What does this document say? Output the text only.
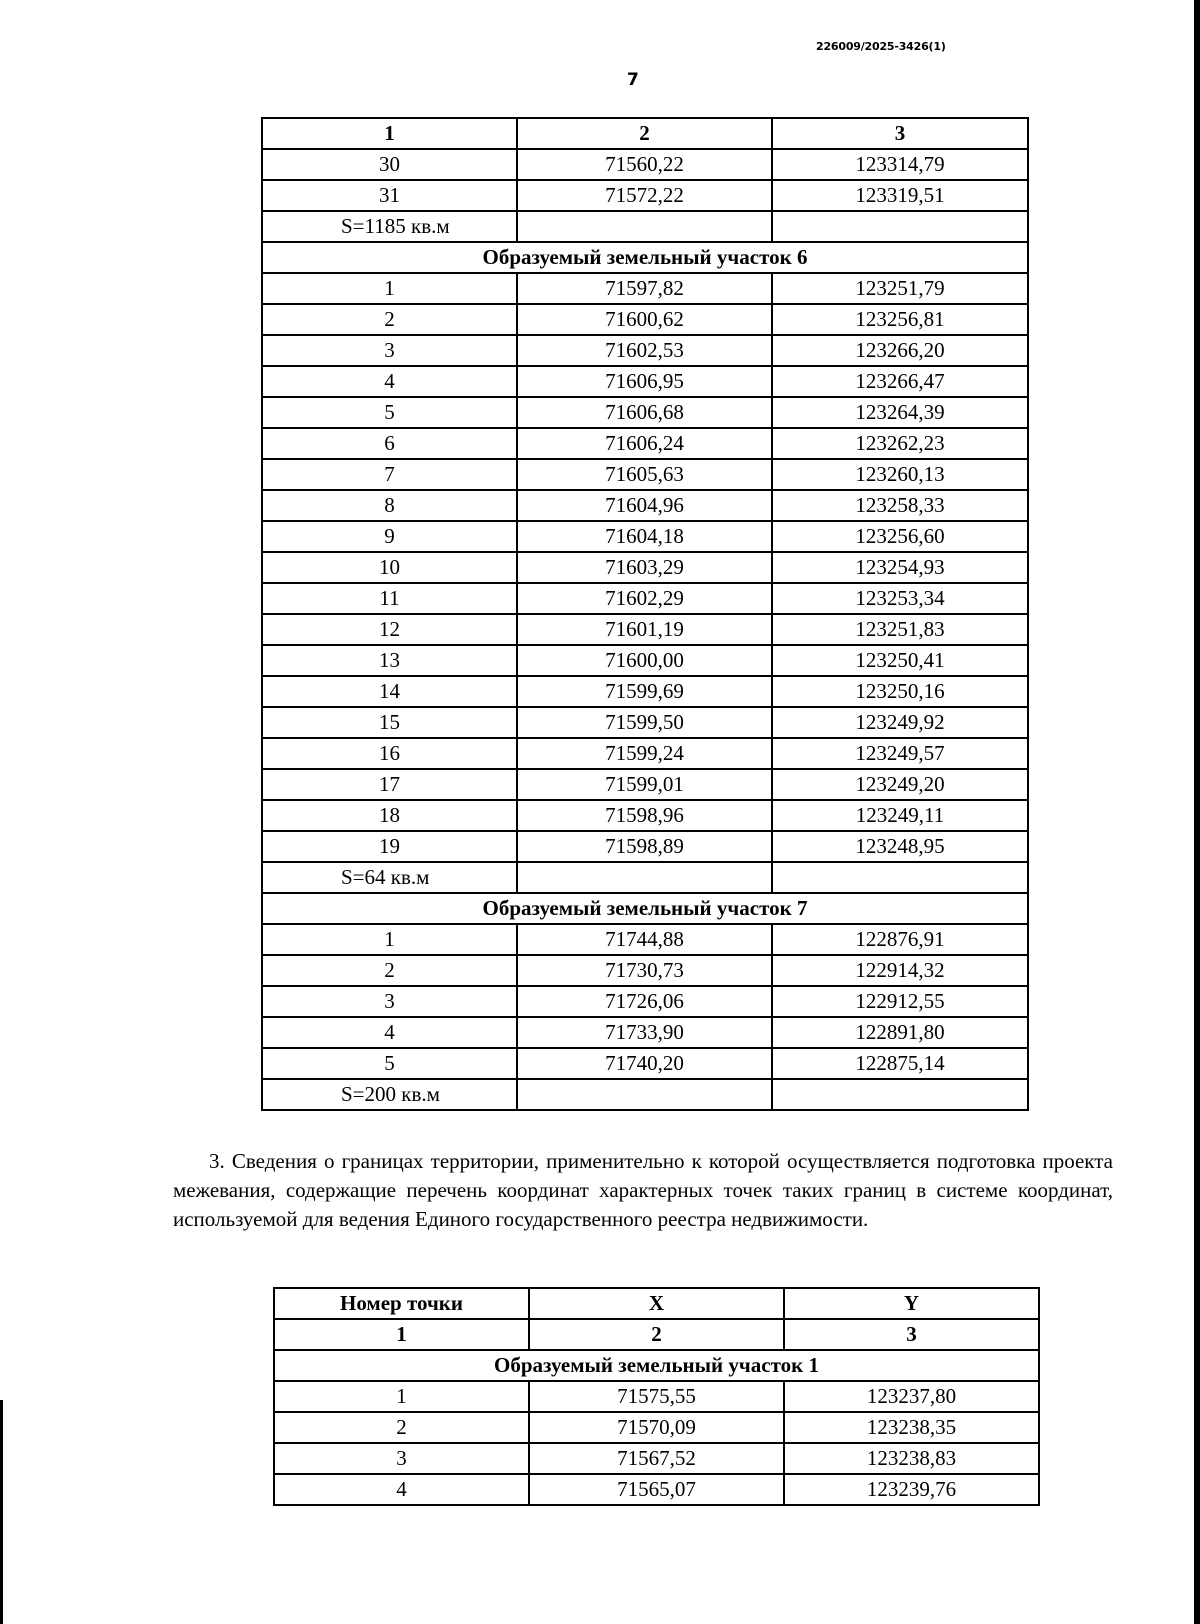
226009/2025-3426(1)
7
1	2	3
30	71560,22	123314,79
31	71572,22	123319,51
S=1185 кв.м		
Образуемый земельный участок 6		
1	71597,82	123251,79
2	71600,62	123256,81
3	71602,53	123266,20
4	71606,95	123266,47
5	71606,68	123264,39
6	71606,24	123262,23
7	71605,63	123260,13
8	71604,96	123258,33
9	71604,18	123256,60
10	71603,29	123254,93
11	71602,29	123253,34
12	71601,19	123251,83
13	71600,00	123250,41
14	71599,69	123250,16
15	71599,50	123249,92
16	71599,24	123249,57
17	71599,01	123249,20
18	71598,96	123249,11
19	71598,89	123248,95
S=64 кв.м		
Образуемый земельный участок 7		
1	71744,88	122876,91
2	71730,73	122914,32
3	71726,06	122912,55
4	71733,90	122891,80
5	71740,20	122875,14
S=200 кв.м		
3. Сведения о границах территории, применительно к которой осуществляется подготовка проекта межевания, содержащие перечень координат характерных точек таких границ в системе координат, используемой для ведения Единого государственного реестра недвижимости.
Номер точки	X	Y
1	2	3
Образуемый земельный участок 1		
1	71575,55	123237,80
2	71570,09	123238,35
3	71567,52	123238,83
4	71565,07	123239,76
